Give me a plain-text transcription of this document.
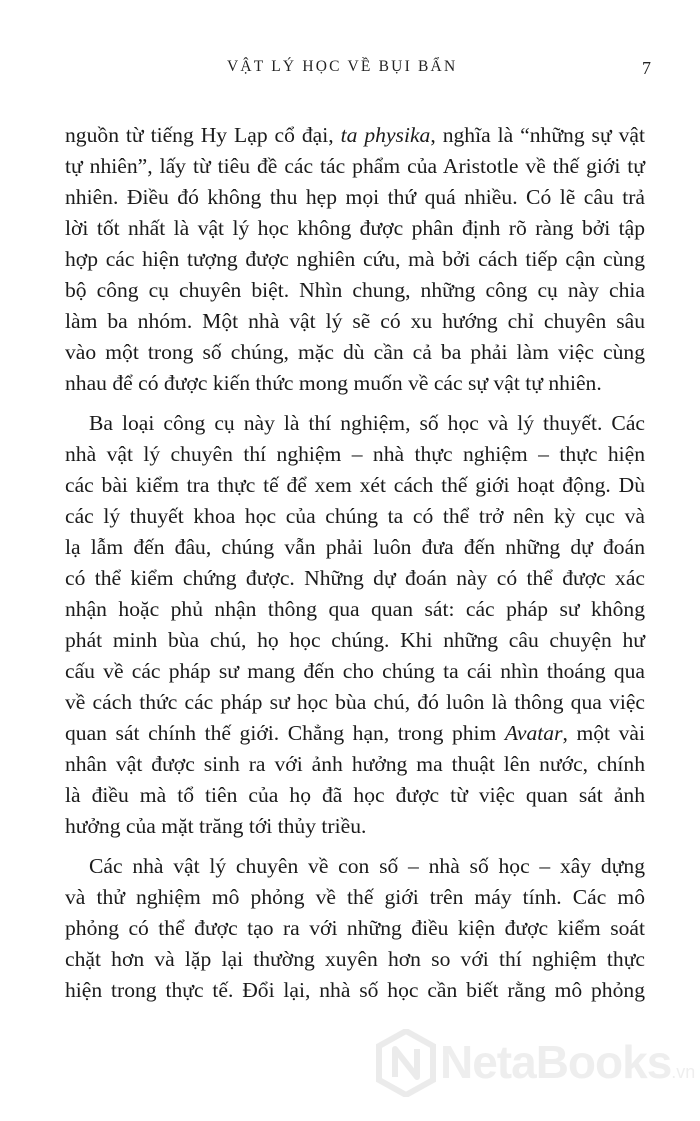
VẬT LÝ HỌC VỀ BỤI BẨN	7

nguồn từ tiếng Hy Lạp cổ đại, ta physika, nghĩa là “những sự vật
tự nhiên”, lấy từ tiêu đề các tác phẩm của Aristotle về thế giới tự
nhiên. Điều đó không thu hẹp mọi thứ quá nhiều. Có lẽ câu trả
lời tốt nhất là vật lý học không được phân định rõ ràng bởi tập
hợp các hiện tượng được nghiên cứu, mà bởi cách tiếp cận cùng
bộ công cụ chuyên biệt. Nhìn chung, những công cụ này chia
làm ba nhóm. Một nhà vật lý sẽ có xu hướng chỉ chuyên sâu
vào một trong số chúng, mặc dù cần cả ba phải làm việc cùng
nhau để có được kiến thức mong muốn về các sự vật tự nhiên.

Ba loại công cụ này là thí nghiệm, số học và lý thuyết. Các
nhà vật lý chuyên thí nghiệm – nhà thực nghiệm – thực hiện
các bài kiểm tra thực tế để xem xét cách thế giới hoạt động. Dù
các lý thuyết khoa học của chúng ta có thể trở nên kỳ cục và
lạ lẫm đến đâu, chúng vẫn phải luôn đưa đến những dự đoán
có thể kiểm chứng được. Những dự đoán này có thể được xác
nhận hoặc phủ nhận thông qua quan sát: các pháp sư không
phát minh bùa chú, họ học chúng. Khi những câu chuyện hư
cấu về các pháp sư mang đến cho chúng ta cái nhìn thoáng qua
về cách thức các pháp sư học bùa chú, đó luôn là thông qua việc
quan sát chính thế giới. Chẳng hạn, trong phim Avatar, một vài
nhân vật được sinh ra với ảnh hưởng ma thuật lên nước, chính
là điều mà tổ tiên của họ đã học được từ việc quan sát ảnh
hưởng của mặt trăng tới thủy triều.

Các nhà vật lý chuyên về con số – nhà số học – xây dựng
và thử nghiệm mô phỏng về thế giới trên máy tính. Các mô
phỏng có thể được tạo ra với những điều kiện được kiểm soát
chặt hơn và lặp lại thường xuyên hơn so với thí nghiệm thực
hiện trong thực tế. Đổi lại, nhà số học cần biết rằng mô phỏng

NetaBooks.vn
